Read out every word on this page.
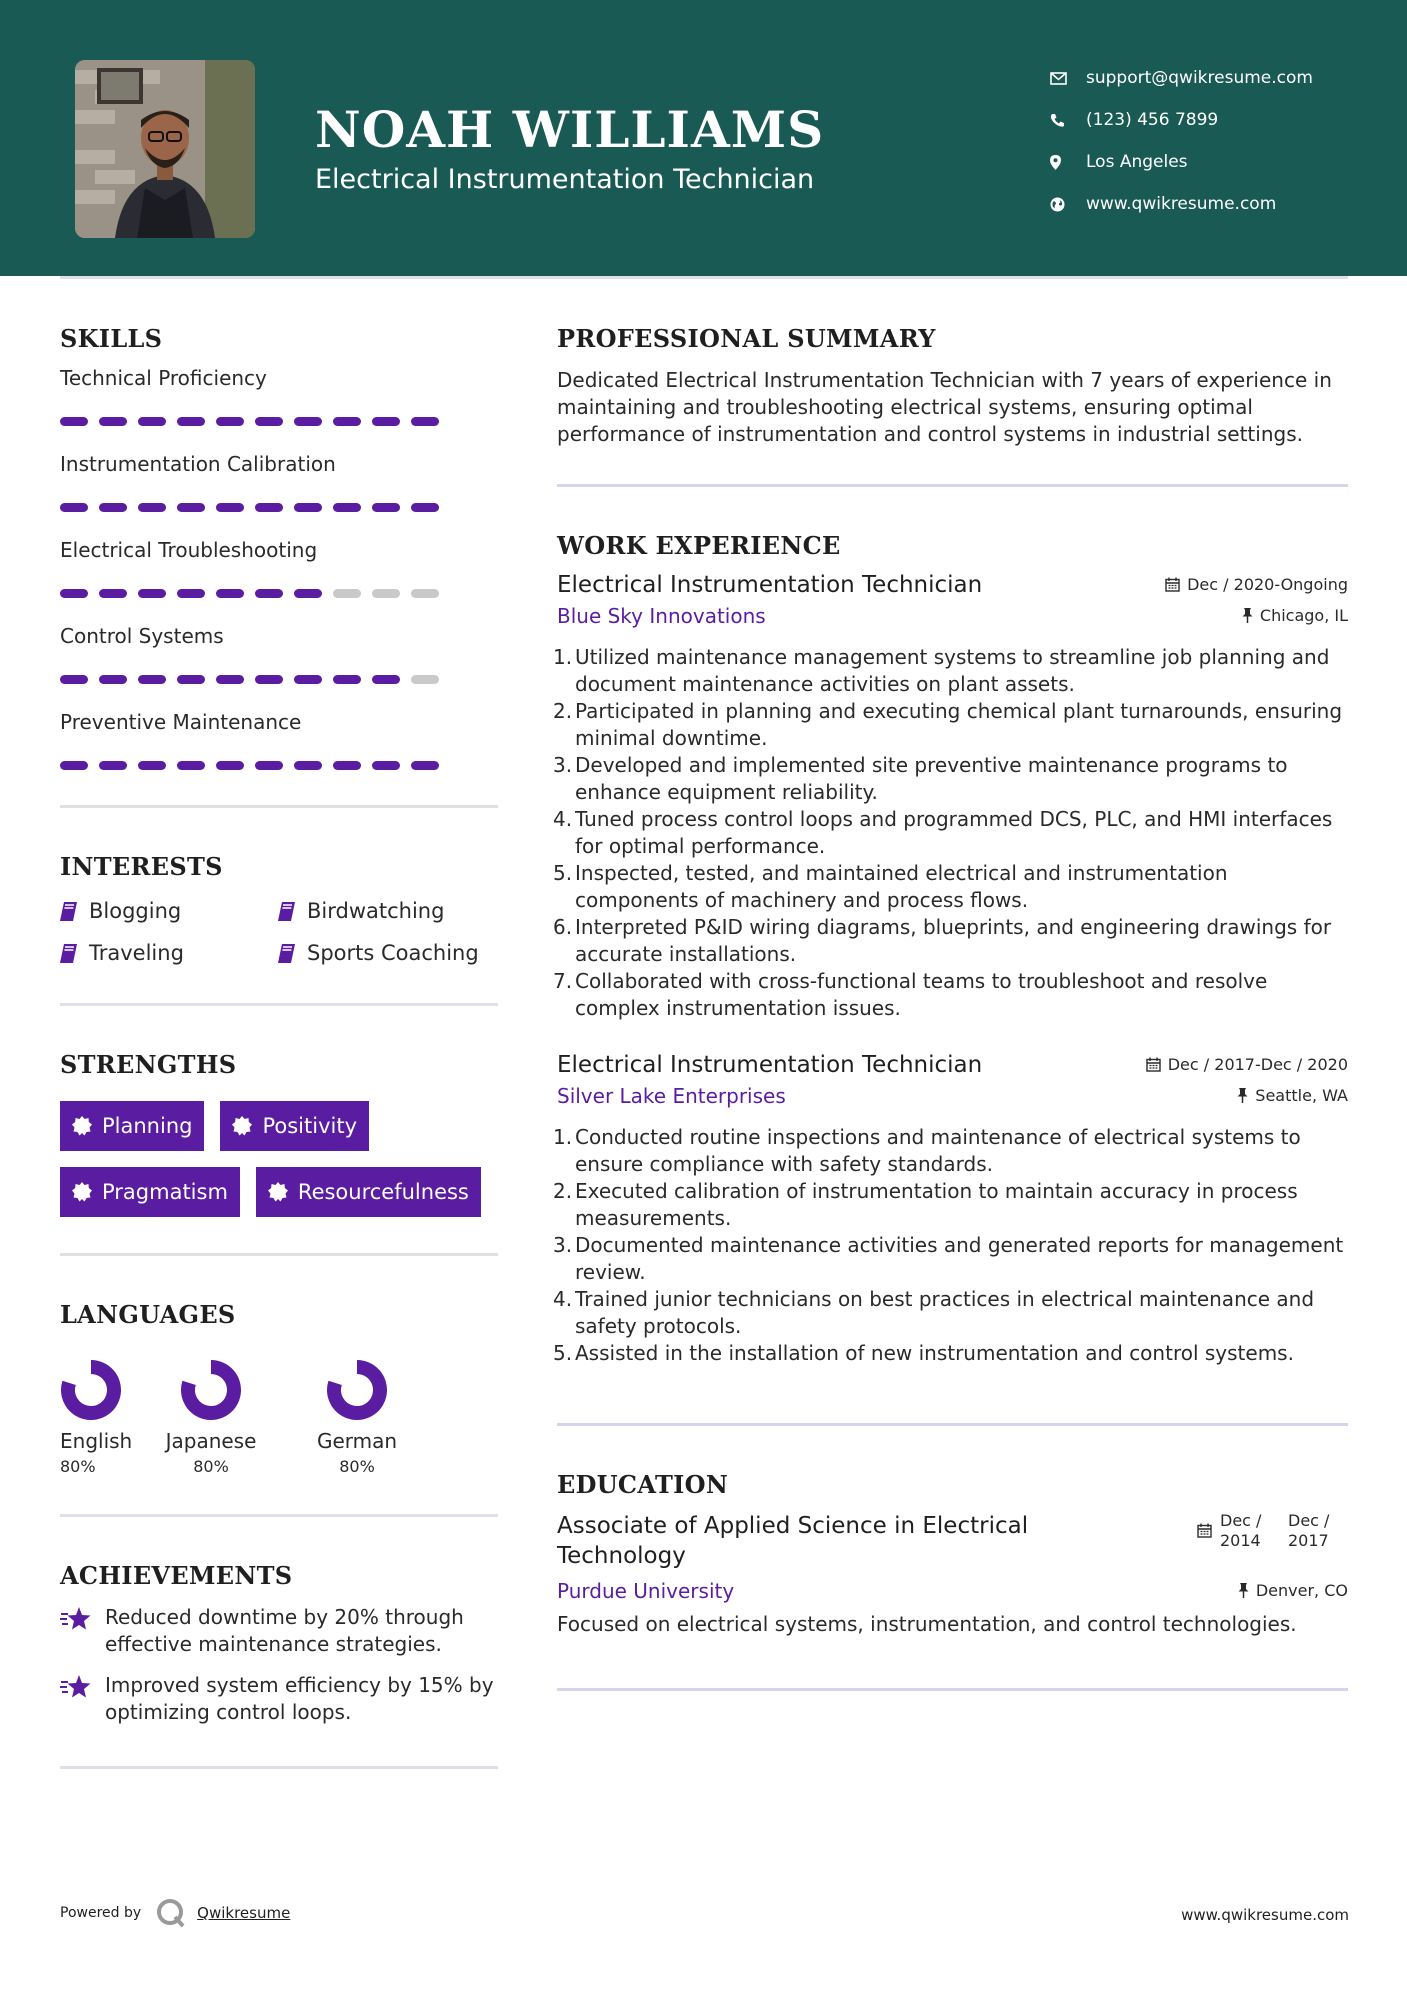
NOAH WILLIAMS
Electrical Instrumentation Technician
support@qwikresume.com
(123) 456 7899
Los Angeles
www.qwikresume.com
SKILLS
Technical Proficiency
Instrumentation Calibration
Electrical Troubleshooting
Control Systems
Preventive Maintenance
INTERESTS
Blogging	Birdwatching
Traveling	Sports Coaching
STRENGTHS
Planning	Positivity
Pragmatism	Resourcefulness
LANGUAGES
English
80%
Japanese
80%
German
80%
ACHIEVEMENTS
Reduced downtime by 20% through effective maintenance strategies.
Improved system efficiency by 15% by optimizing control loops.
PROFESSIONAL SUMMARY
Dedicated Electrical Instrumentation Technician with 7 years of experience in maintaining and troubleshooting electrical systems, ensuring optimal performance of instrumentation and control systems in industrial settings.
WORK EXPERIENCE
Electrical Instrumentation Technician	Dec / 2020-Ongoing
Blue Sky Innovations	Chicago, IL
1. Utilized maintenance management systems to streamline job planning and document maintenance activities on plant assets.
2. Participated in planning and executing chemical plant turnarounds, ensuring minimal downtime.
3. Developed and implemented site preventive maintenance programs to enhance equipment reliability.
4. Tuned process control loops and programmed DCS, PLC, and HMI interfaces for optimal performance.
5. Inspected, tested, and maintained electrical and instrumentation components of machinery and process flows.
6. Interpreted P&ID wiring diagrams, blueprints, and engineering drawings for accurate installations.
7. Collaborated with cross-functional teams to troubleshoot and resolve complex instrumentation issues.
Electrical Instrumentation Technician	Dec / 2017-Dec / 2020
Silver Lake Enterprises	Seattle, WA
1. Conducted routine inspections and maintenance of electrical systems to ensure compliance with safety standards.
2. Executed calibration of instrumentation to maintain accuracy in process measurements.
3. Documented maintenance activities and generated reports for management review.
4. Trained junior technicians on best practices in electrical maintenance and safety protocols.
5. Assisted in the installation of new instrumentation and control systems.
EDUCATION
Associate of Applied Science in Electrical
Technology
Dec /
2014
Dec /
2017
Purdue University	Denver, CO
Focused on electrical systems, instrumentation, and control technologies.
Powered by	Qwikresume	www.qwikresume.com
